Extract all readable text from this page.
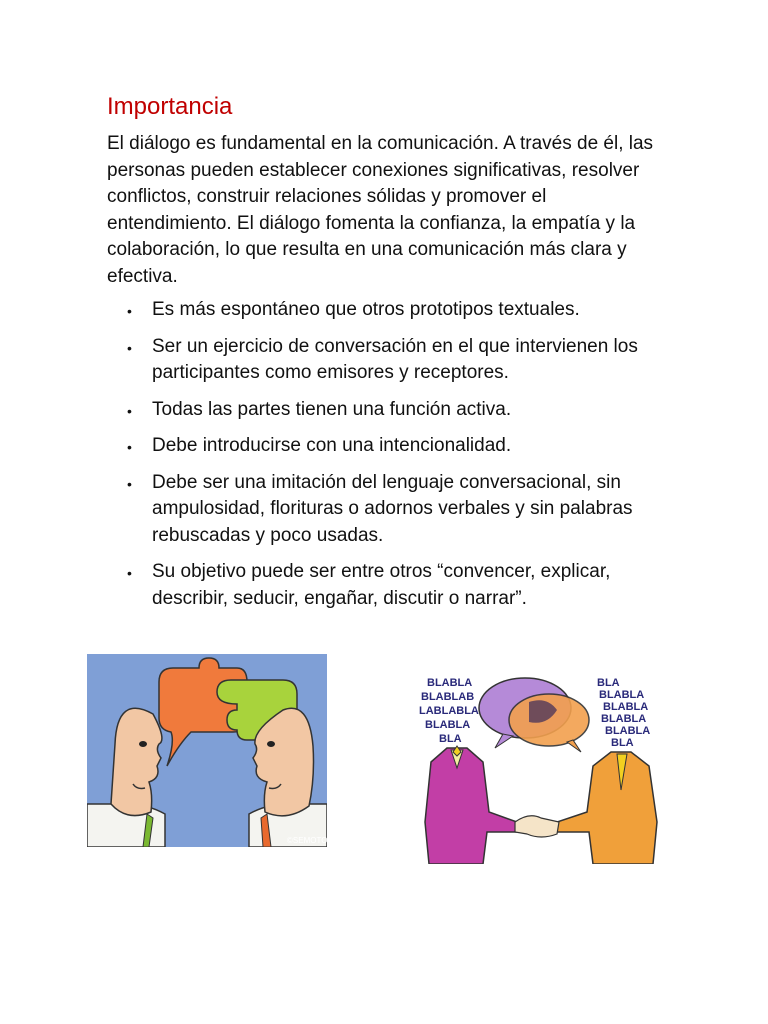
Importancia

El diálogo es fundamental en la comunicación. A través de él, las personas pueden establecer conexiones significativas, resolver conflictos, construir relaciones sólidas y promover el entendimiento. El diálogo fomenta la confianza, la empatía y la colaboración, lo que resulta en una comunicación más clara y efectiva.

• Es más espontáneo que otros prototipos textuales.
• Ser un ejercicio de conversación en el que intervienen los participantes como emisores y receptores.
• Todas las partes tienen una función activa.
• Debe introducirse con una intencionalidad.
• Debe ser una imitación del lenguaje conversacional, sin ampulosidad, florituras o adornos verbales y sin palabras rebuscadas y poco usadas.
• Su objetivo puede ser entre otros “convencer, explicar, describir, seducir, engañar, discutir o narrar”.
©SEMOTO
BLABLA
BLABLAB
LABLABLA
BLABLA
BLA
BLA
BLABLA
BLABLA
BLABLA
BLABLA
BLA
